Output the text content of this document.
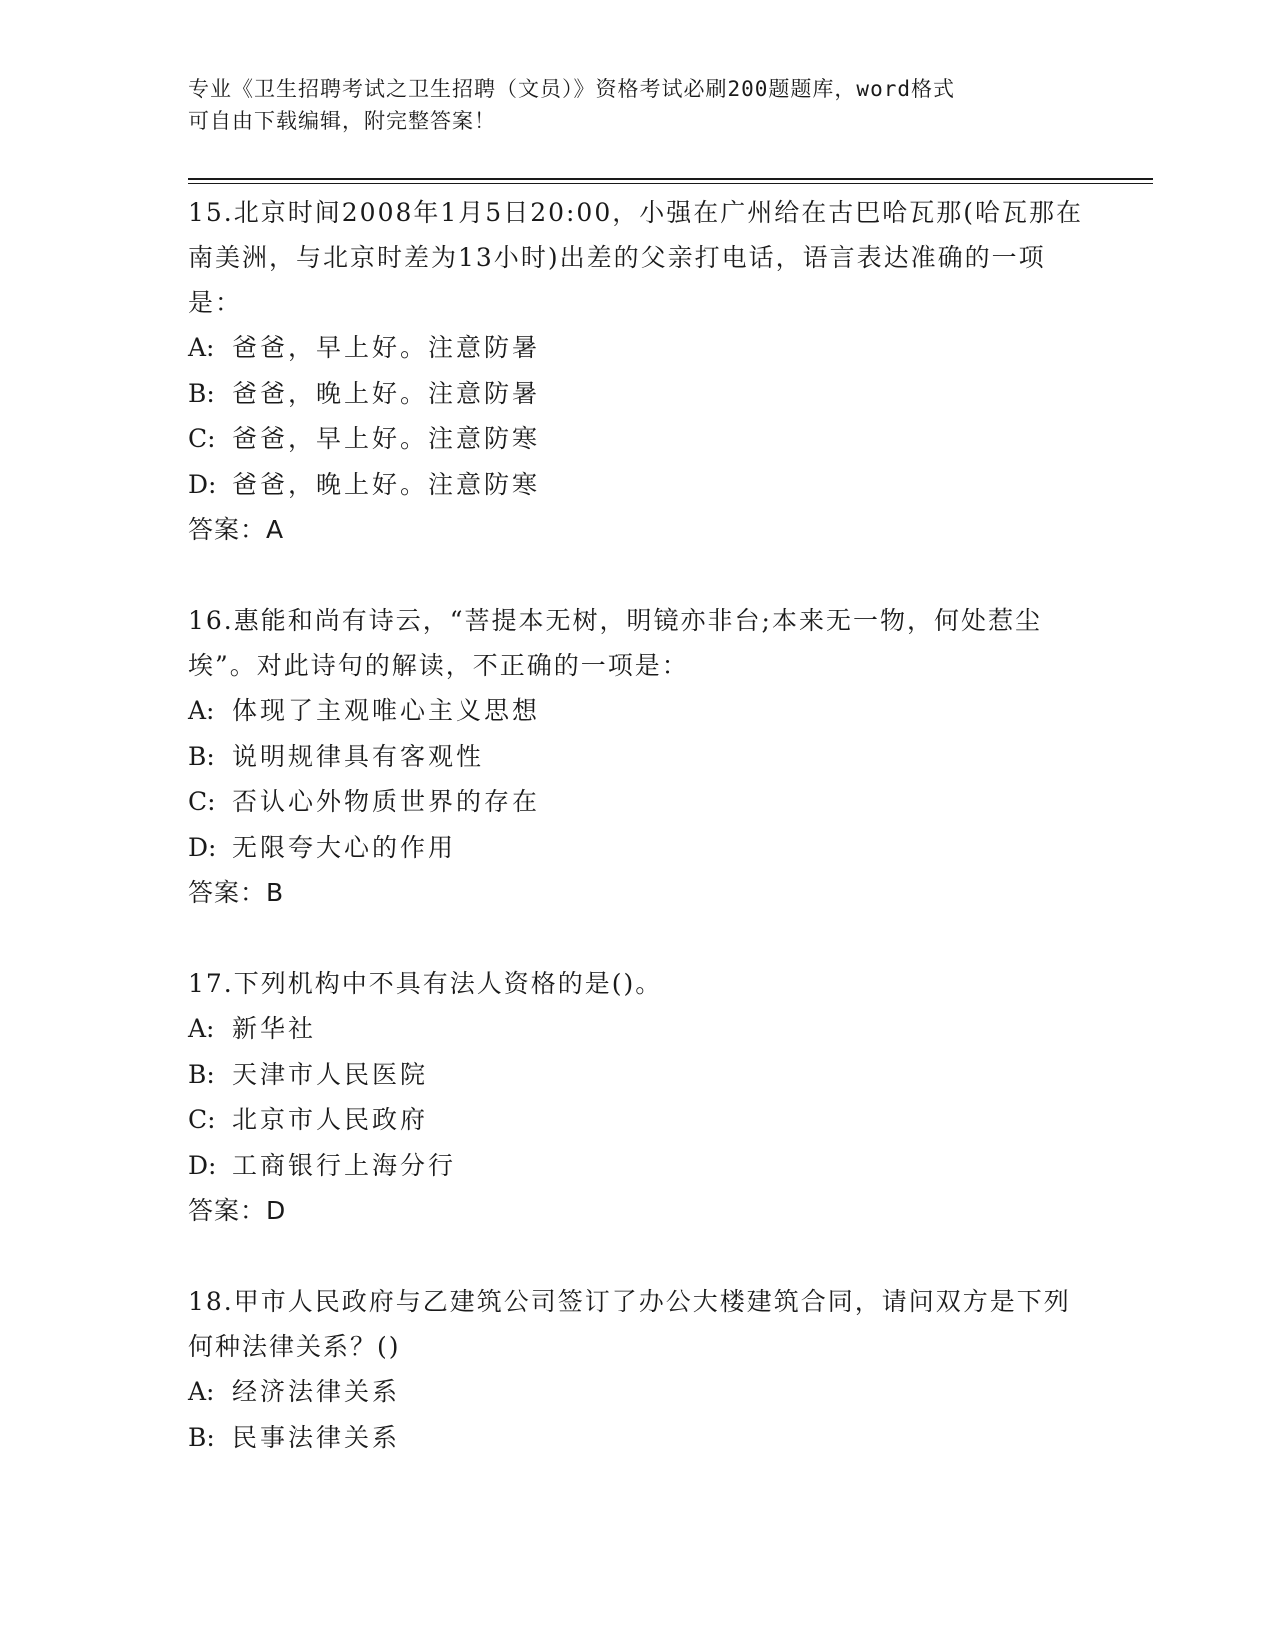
专业《卫生招聘考试之卫生招聘（文员）》资格考试必刷200题题库，word格式
可自由下载编辑，附完整答案！
15.北京时间2008年1月5日20:00，小强在广州给在古巴哈瓦那(哈瓦那在南美洲，与北京时差为13小时)出差的父亲打电话，语言表达准确的一项是：
A: 爸爸，早上好。注意防暑
B: 爸爸，晚上好。注意防暑
C: 爸爸，早上好。注意防寒
D: 爸爸，晚上好。注意防寒
答案：A
16.惠能和尚有诗云，“菩提本无树，明镜亦非台;本来无一物，何处惹尘埃”。对此诗句的解读，不正确的一项是：
A: 体现了主观唯心主义思想
B: 说明规律具有客观性
C: 否认心外物质世界的存在
D: 无限夸大心的作用
答案：B
17.下列机构中不具有法人资格的是()。
A: 新华社
B: 天津市人民医院
C: 北京市人民政府
D: 工商银行上海分行
答案：D
18.甲市人民政府与乙建筑公司签订了办公大楼建筑合同，请问双方是下列何种法律关系？()
A: 经济法律关系
B: 民事法律关系
